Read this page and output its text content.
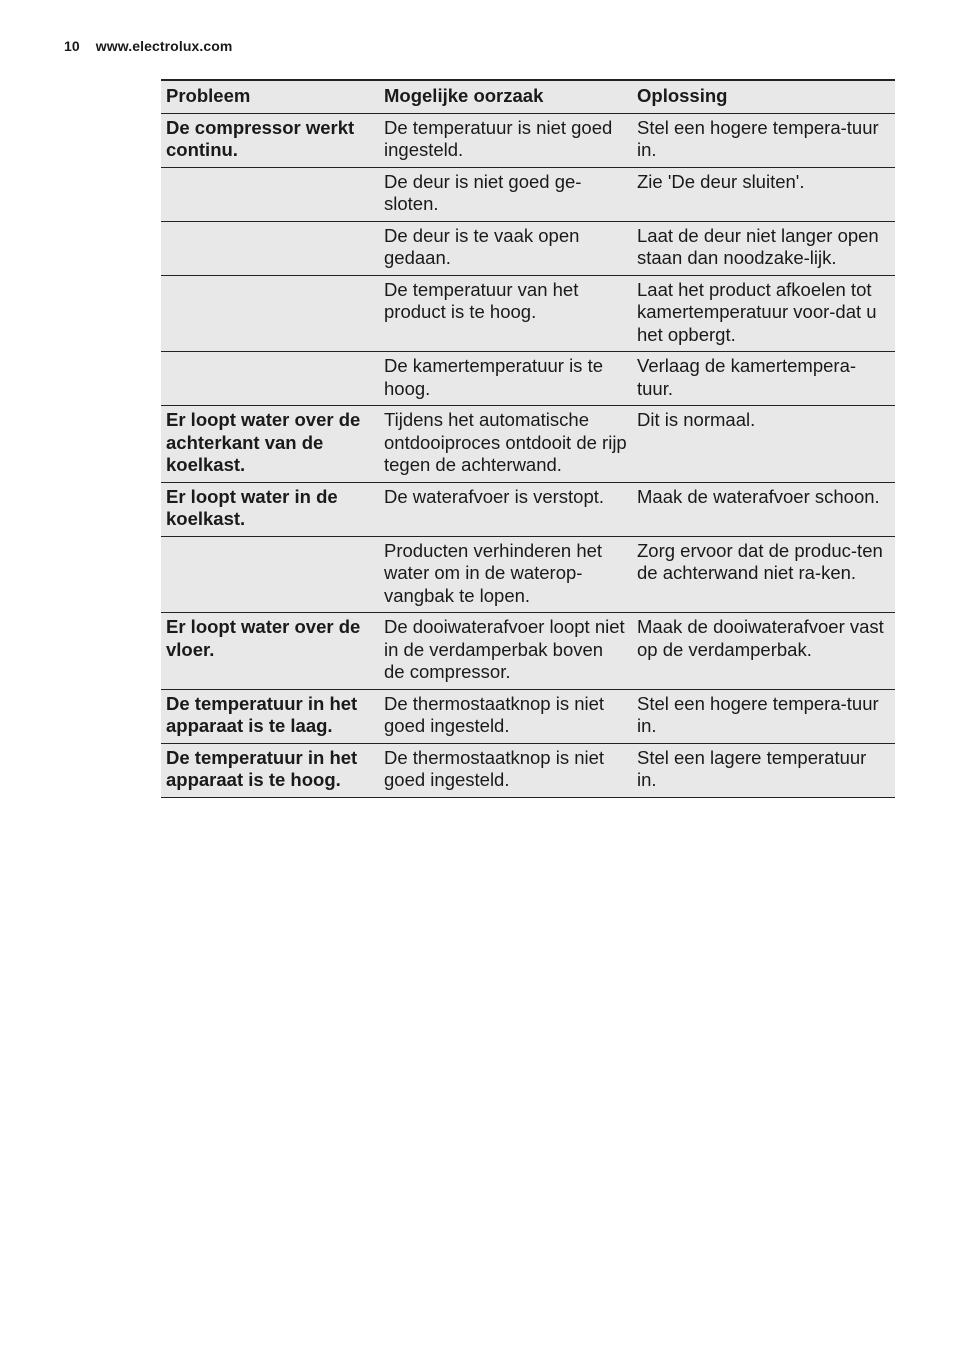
10 www.electrolux.com
Probleem	Mogelijke oorzaak	Oplossing
De compressor werkt continu.	De temperatuur is niet goed ingesteld.	Stel een hogere tempera-tuur in.
	De deur is niet goed ge-sloten.	Zie 'De deur sluiten'.
	De deur is te vaak open gedaan.	Laat de deur niet langer open staan dan noodzake-lijk.
	De temperatuur van het product is te hoog.	Laat het product afkoelen tot kamertemperatuur voor-dat u het opbergt.
	De kamertemperatuur is te hoog.	Verlaag de kamertempera-tuur.
Er loopt water over de achterkant van de koelkast.	Tijdens het automatische ontdooiproces ontdooit de rijp tegen de achterwand.	Dit is normaal.
Er loopt water in de koelkast.	De waterafvoer is verstopt.	Maak de waterafvoer schoon.
	Producten verhinderen het water om in de waterop-vangbak te lopen.	Zorg ervoor dat de produc-ten de achterwand niet ra-ken.
Er loopt water over de vloer.	De dooiwaterafvoer loopt niet in de verdamperbak boven de compressor.	Maak de dooiwaterafvoer vast op de verdamperbak.
De temperatuur in het apparaat is te laag.	De thermostaatknop is niet goed ingesteld.	Stel een hogere tempera-tuur in.
De temperatuur in het apparaat is te hoog.	De thermostaatknop is niet goed ingesteld.	Stel een lagere temperatuur in.
